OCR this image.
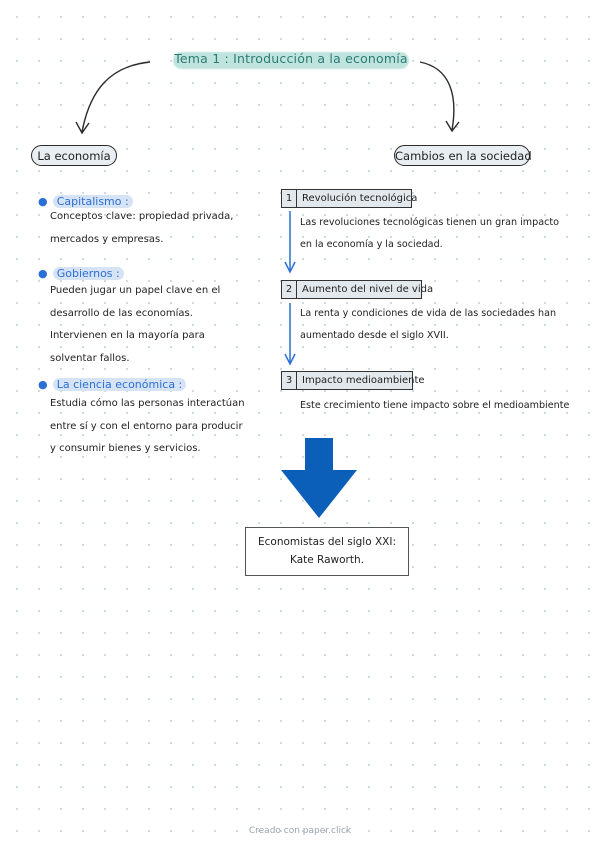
Tema 1 : Introducción a la economía
La economía	Cambios en la sociedad
● Capitalismo :
Conceptos clave: propiedad privada,
mercados y empresas.
● Gobiernos :
Pueden jugar un papel clave en el
desarrollo de las economías.
Intervienen en la mayoría para
solventar fallos.
● La ciencia económica :
Estudia cómo las personas interactúan
entre sí y con el entorno para producir
y consumir bienes y servicios.
1 Revolución tecnológica
Las revoluciones tecnológicas tienen un gran impacto
en la economía y la sociedad.
2 Aumento del nivel de vida
La renta y condiciones de vida de las sociedades han
aumentado desde el siglo XVII.
3 Impacto medioambiente
Este crecimiento tiene impacto sobre el medioambiente
Economistas del siglo XXI:
Kate Raworth.
Creado con paper.click
